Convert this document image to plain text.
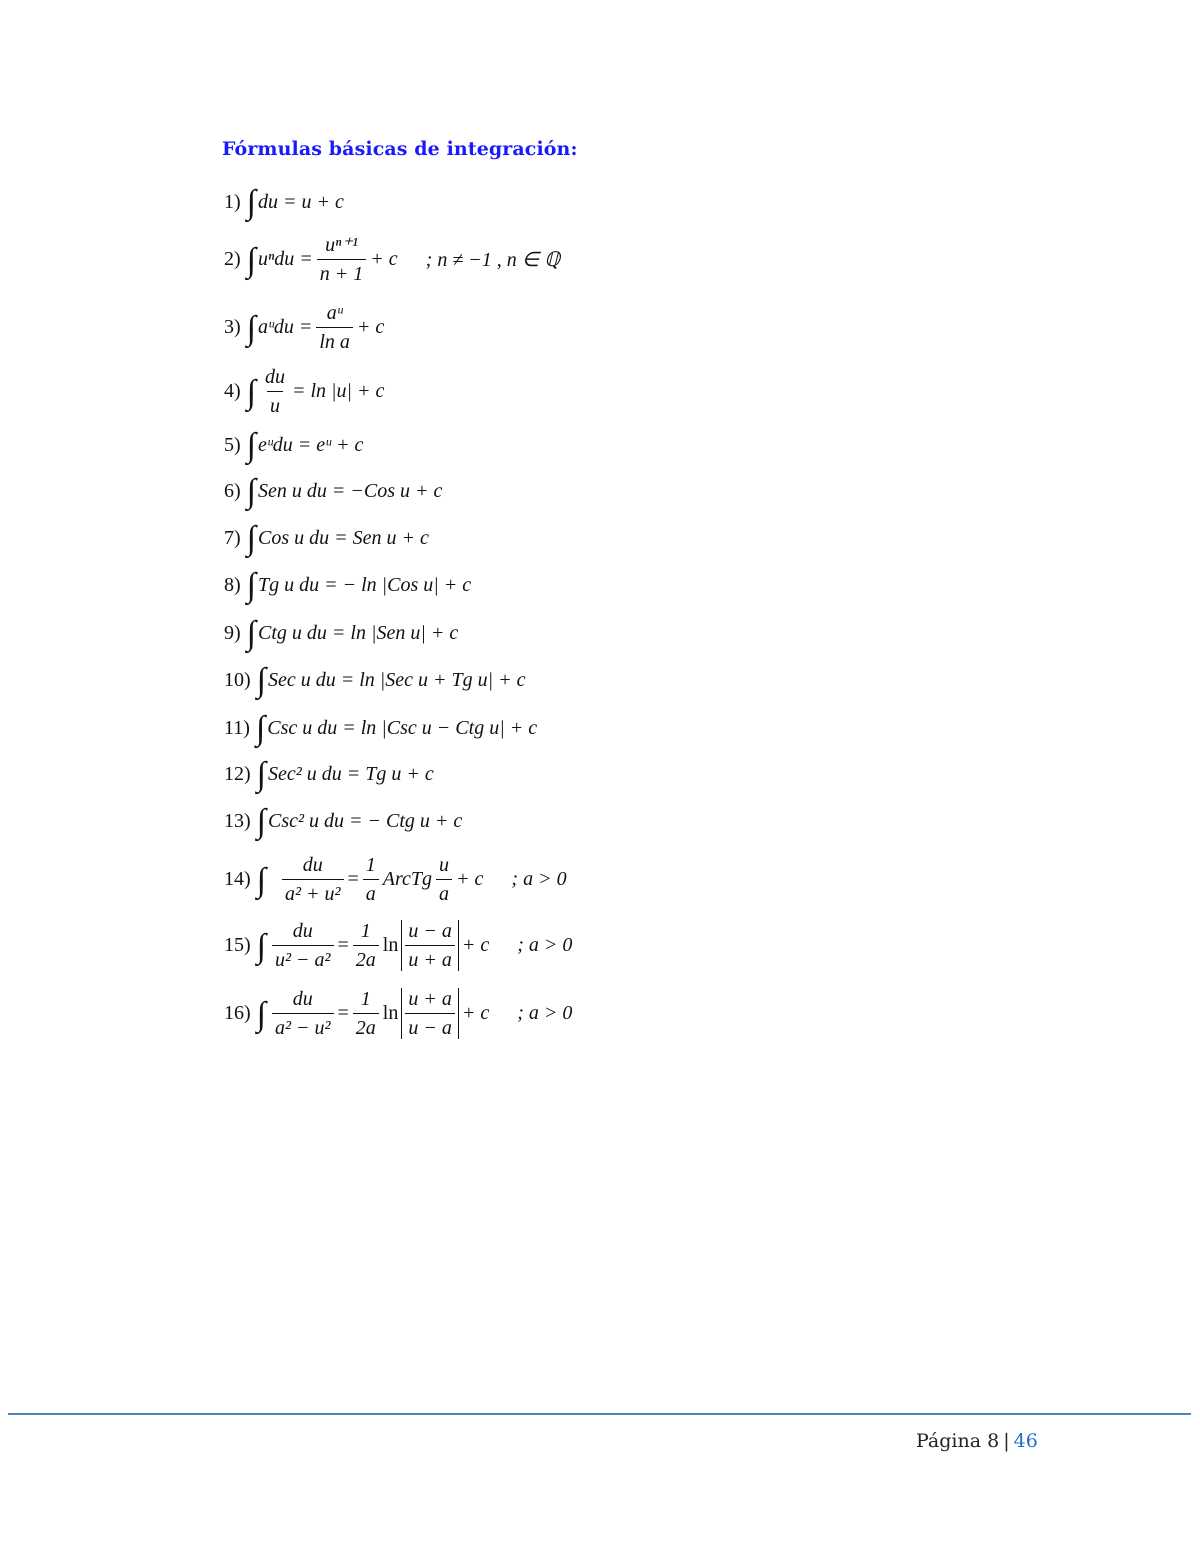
Fórmulas básicas de integración:
1) ∫ du
= u + c
2) ∫ $u^ndu = \frac{\text{uⁿ⁺¹}}{n + 1} + c$ ; n ≠ −1 , n ∈ ℚ
3) ∫ aᵘdu = $\frac{\text{aᵘ}}{\text{ln a}} + c$
4) ∫ $\frac{du}{u} = \ln |u| + c$
5) ∫ eᵘdu = eᵘ + c
6) ∫ Sen u du = −Cos u + c
7) ∫ Cos u du = Sen u + c
8) ∫ Tg u du = − ln |Cos u| + c
9) ∫ Ctg u du = ln |Sen u| + c
10) ∫ Sec u du = ln |Sec u + Tg u| + c
11) ∫ Csc u du = ln |Csc u − Ctg u| + c
12) ∫ Sec² u du = Tg u + c
13) ∫ Csc² u du = − Ctg u + c
14) ∫
$\frac{du}{\text{a² + u²}} = \frac{1}{a}$ ArcTg $\frac{u}{a} + c$ ; a > 0
15) ∫ $\frac{du}{\text{u² − a²}} = \frac{1}{2a}$ $\ln \frac{u - a}{u + a} + c$ ; a > 0
16) ∫ $\frac{du}{\text{a² − u²}} = \frac{1}{2a}$ $\ln \frac{u + a}{u - a} + c$ ; a > 0
Página 8 | 46
